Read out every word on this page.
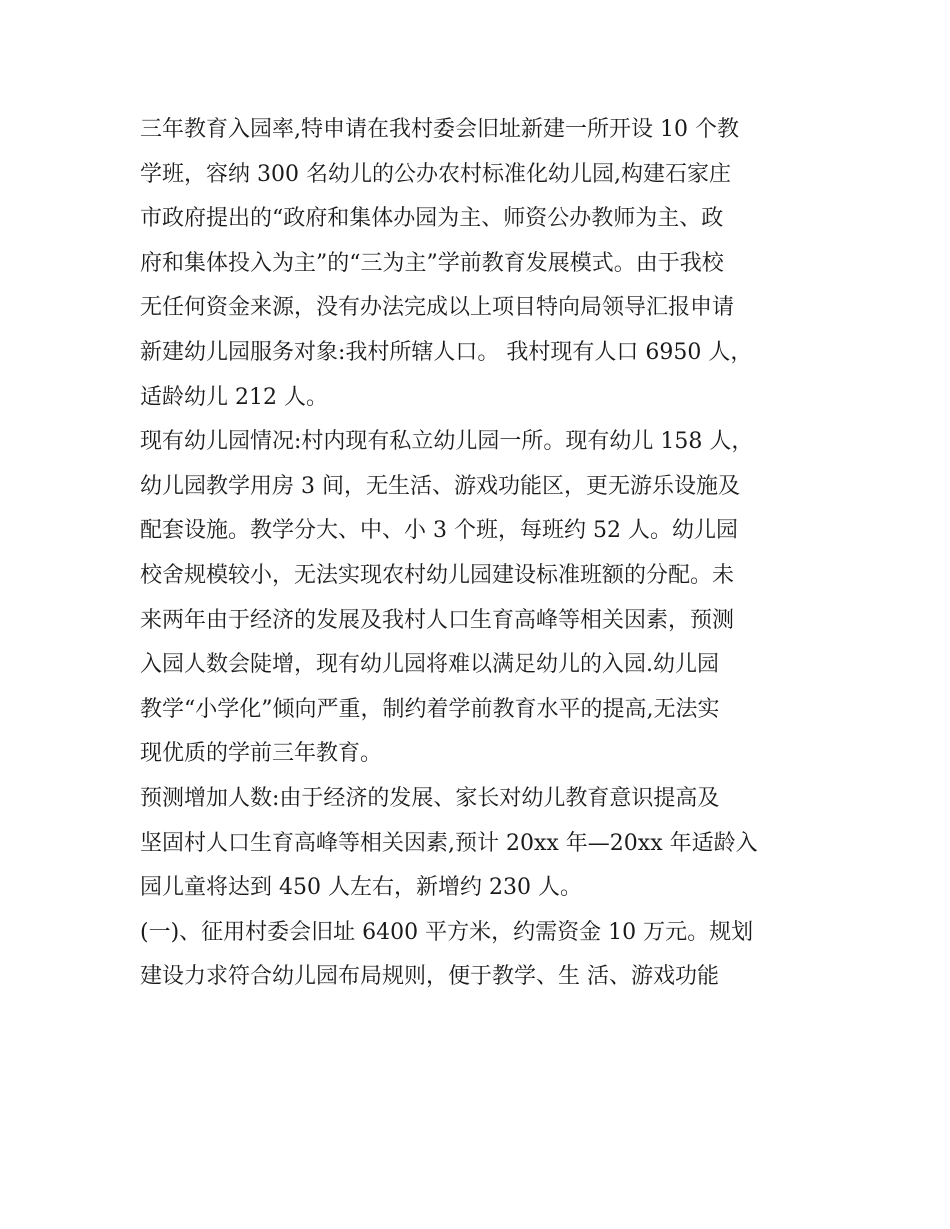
三年教育入园率,特申请在我村委会旧址新建一所开设 10 个教
学班，容纳 300 名幼儿的公办农村标准化幼儿园,构建石家庄
市政府提出的“政府和集体办园为主、师资公办教师为主、政
府和集体投入为主”的“三为主”学前教育发展模式。由于我校
无任何资金来源，没有办法完成以上项目特向局领导汇报申请
新建幼儿园服务对象:我村所辖人口。 我村现有人口 6950 人，
适龄幼儿 212 人。
现有幼儿园情况:村内现有私立幼儿园一所。现有幼儿 158 人，
幼儿园教学用房 3 间，无生活、游戏功能区，更无游乐设施及
配套设施。教学分大、中、小 3 个班，每班约 52 人。幼儿园
校舍规模较小，无法实现农村幼儿园建设标准班额的分配。未
来两年由于经济的发展及我村人口生育高峰等相关因素，预测
入园人数会陡增，现有幼儿园将难以满足幼儿的入园.幼儿园
教学“小学化”倾向严重，制约着学前教育水平的提高,无法实
现优质的学前三年教育。
预测增加人数:由于经济的发展、家长对幼儿教育意识提高及
坚固村人口生育高峰等相关因素,预计 20xx 年—20xx 年适龄入
园儿童将达到 450 人左右，新增约 230 人。
(一)、征用村委会旧址 6400 平方米，约需资金 10 万元。规划
建设力求符合幼儿园布局规则，便于教学、生 活、游戏功能
